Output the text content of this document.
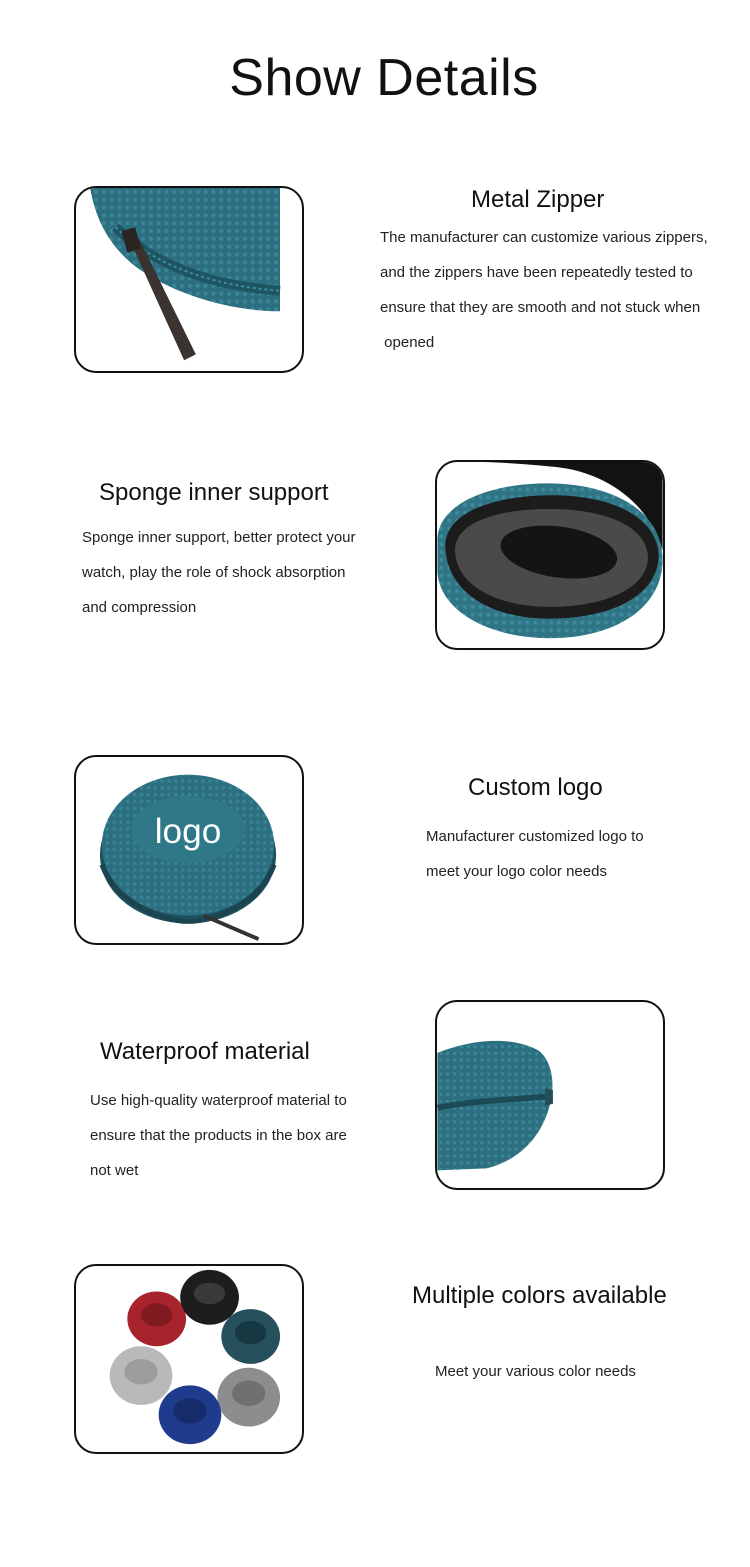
Show Details
Metal Zipper
The manufacturer can customize various zippers,
and the zippers have been repeatedly tested to
ensure that they are smooth and not stuck when
opened
Sponge inner support
Sponge inner support, better protect your
watch, play the role of shock absorption
and compression
logo
Custom logo
Manufacturer customized logo to
meet your logo color needs
Waterproof material
Use high-quality waterproof material to
ensure that the products in the box are
not wet
Multiple colors available
Meet your various color needs
